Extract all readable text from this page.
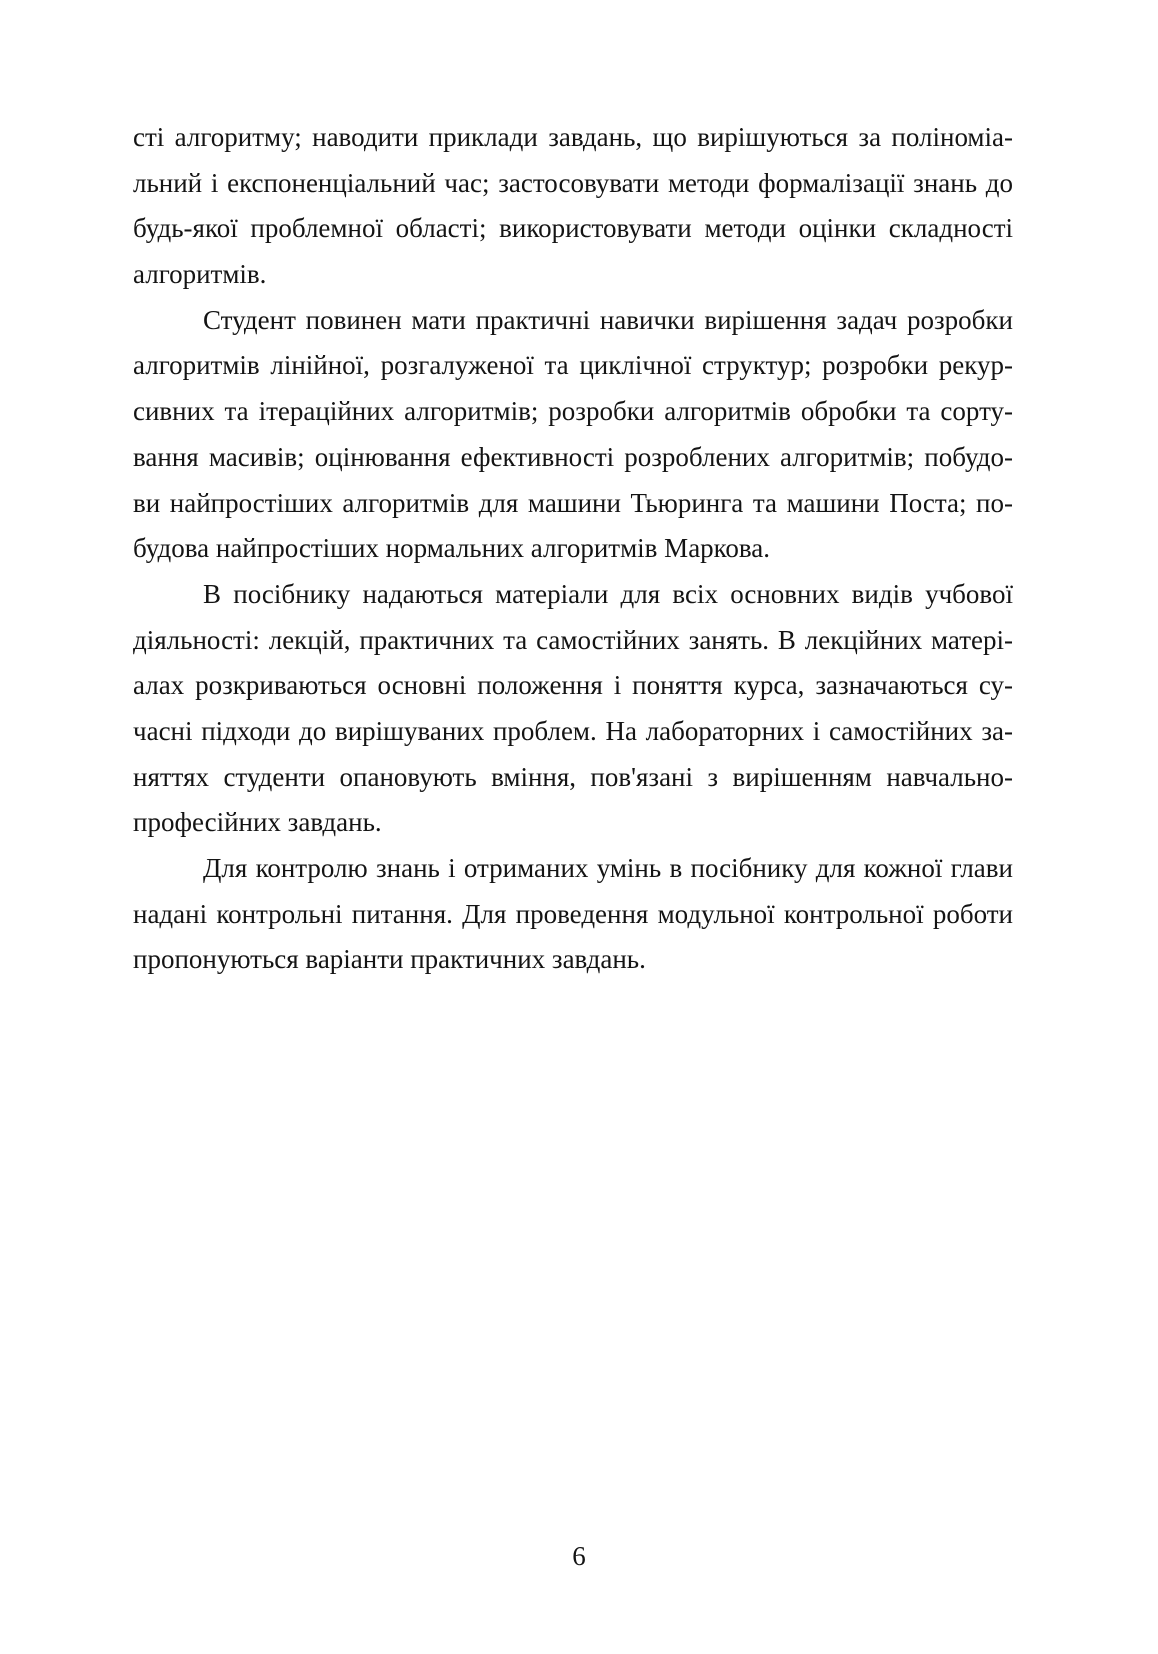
сті алгоритму; наводити приклади завдань, що вирішуються за поліноміа-
льний і експоненціальний час; застосовувати методи формалізації знань до
будь-якої проблемної області; використовувати методи оцінки складності
алгоритмів.

Студент повинен мати практичні навички вирішення задач розробки
алгоритмів лінійної, розгалуженої та циклічної структур; розробки рекур-
сивних та ітераційних алгоритмів; розробки алгоритмів обробки та сорту-
вання масивів; оцінювання ефективності розроблених алгоритмів; побудо-
ви найпростіших алгоритмів для машини Тьюринга та машини Поста; по-
будова найпростіших нормальних алгоритмів Маркова.

В посібнику надаються матеріали для всіх основних видів учбової
діяльності: лекцій, практичних та самостійних занять. В лекційних матері-
алах розкриваються основні положення і поняття курса, зазначаються су-
часні підходи до вирішуваних проблем. На лабораторних і самостійних за-
няттях студенти опановують вміння, пов'язані з вирішенням навчально-
професійних завдань.

Для контролю знань і отриманих умінь в посібнику для кожної глави
надані контрольні питання. Для проведення модульної контрольної роботи
пропонуються варіанти практичних завдань.

6
